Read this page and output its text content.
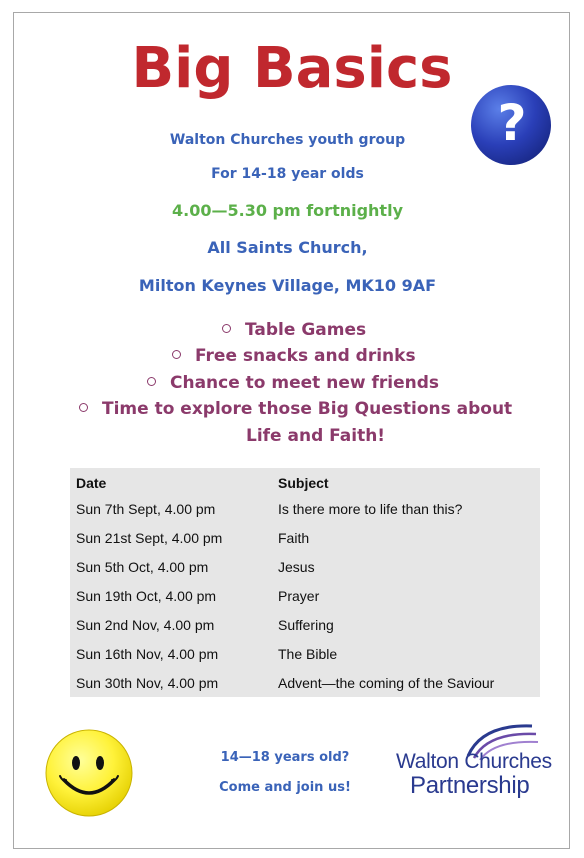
Big Basics
?
Walton Churches youth group
For 14-18 year olds
4.00—5.30 pm fortnightly
All Saints Church,
Milton Keynes Village, MK10 9AF
Table Games
Free snacks and drinks
Chance to meet new friends
Time to explore those Big Questions about
Life and Faith!
Date	Subject
Sun 7th Sept, 4.00 pm	Is there more to life than this?
Sun 21st Sept, 4.00 pm	Faith
Sun 5th Oct, 4.00 pm	Jesus
Sun 19th Oct, 4.00 pm	Prayer
Sun 2nd Nov, 4.00 pm	Suffering
Sun 16th Nov, 4.00 pm	The Bible
Sun 30th Nov, 4.00 pm	Advent—the coming of the Saviour
14—18 years old?
Come and join us!
Walton Churches
Partnership
